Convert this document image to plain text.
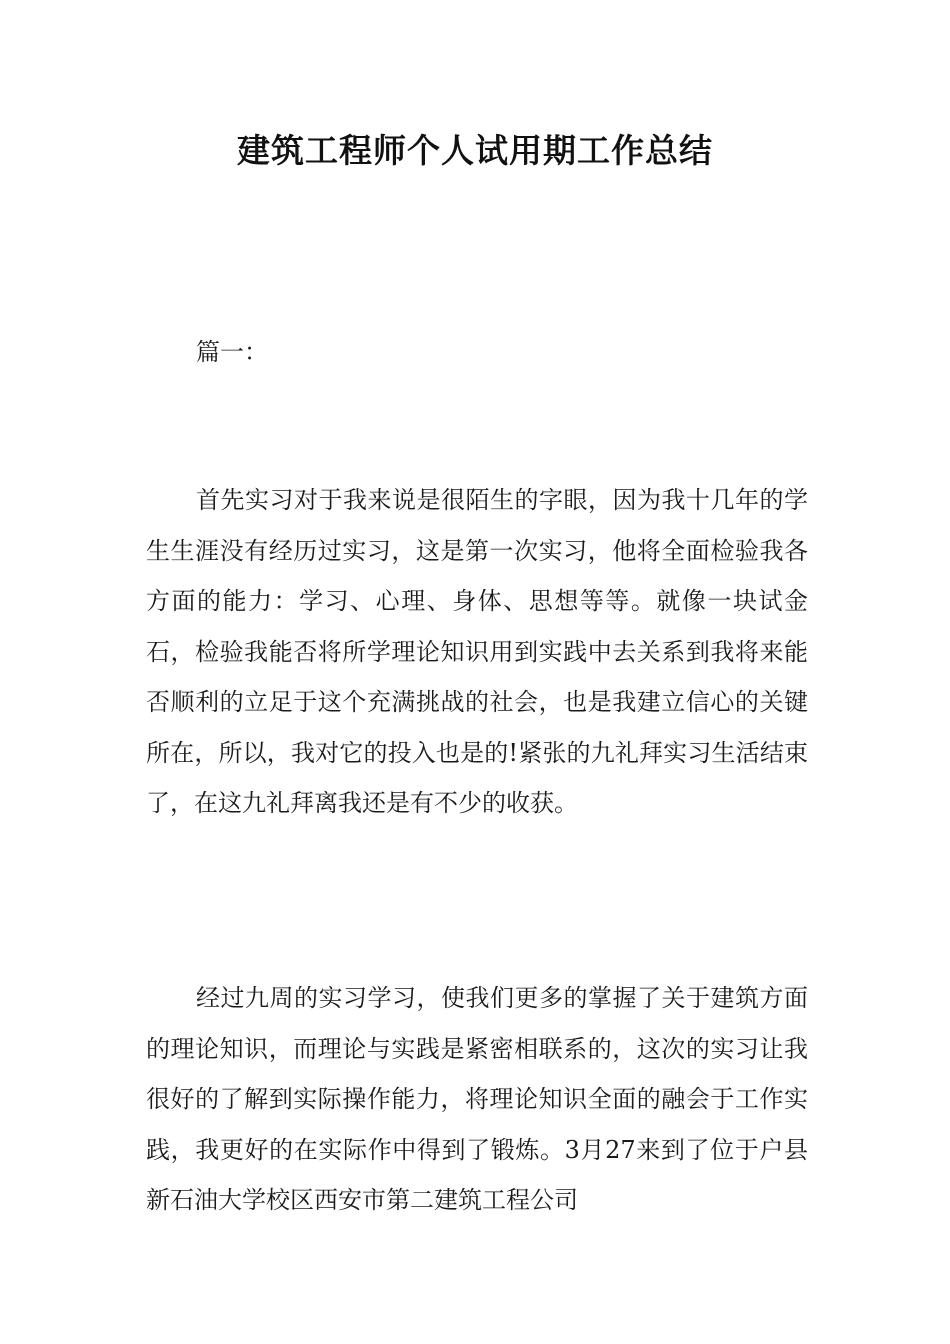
建筑工程师个人试用期工作总结
篇一：

首先实习对于我来说是很陌生的字眼，因为我十几年的学生生涯没有经历过实习，这是第一次实习，他将全面检验我各方面的能力：学习、心理、身体、思想等等。就像一块试金石，检验我能否将所学理论知识用到实践中去关系到我将来能否顺利的立足于这个充满挑战的社会，也是我建立信心的关键所在，所以，我对它的投入也是的!紧张的九礼拜实习生活结束了，在这九礼拜离我还是有不少的收获。

经过九周的实习学习，使我们更多的掌握了关于建筑方面的理论知识，而理论与实践是紧密相联系的，这次的实习让我很好的了解到实际操作能力，将理论知识全面的融会于工作实践，我更好的在实际作中得到了锻炼。3月27来到了位于户县新石油大学校区西安市第二建筑工程公司
